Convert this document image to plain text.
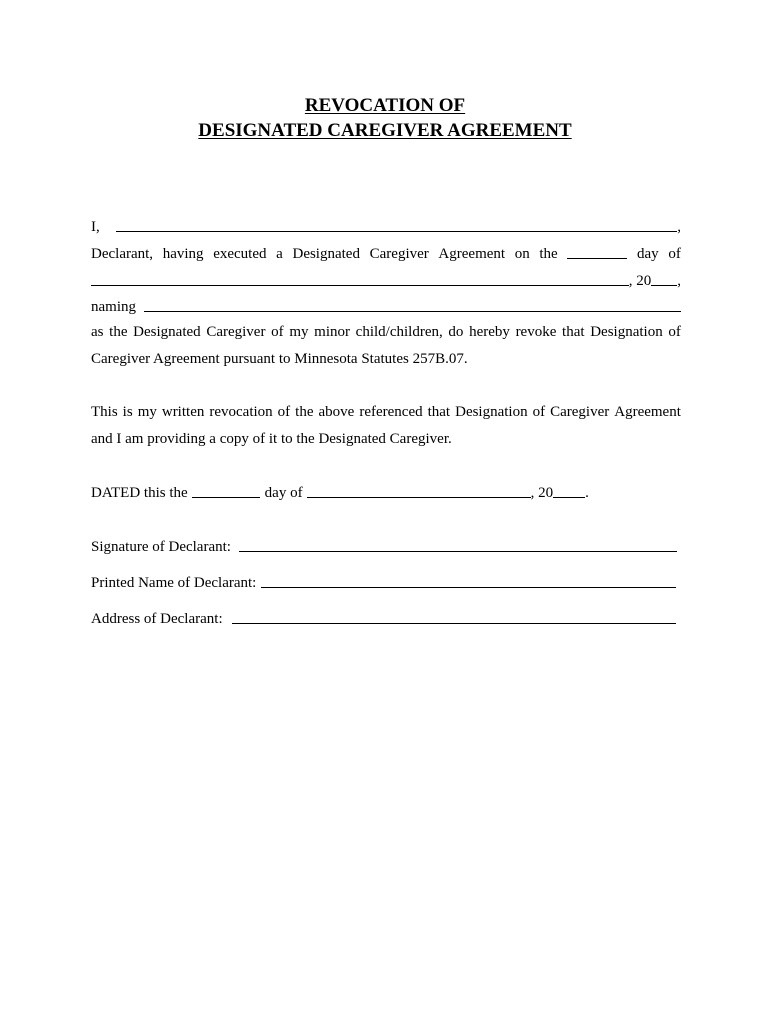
REVOCATION OF
DESIGNATED CAREGIVER AGREEMENT
I,	,
Declarant, having executed a Designated Caregiver Agreement on the	day of
, 20 ,
naming
as the Designated Caregiver of my minor child/children, do hereby revoke that Designation of
Caregiver Agreement pursuant to Minnesota Statutes 257B.07.
This is my written revocation of the above referenced that Designation of Caregiver Agreement
and I am providing a copy of it to the Designated Caregiver.
DATED this the	day of	, 20 .
Signature of Declarant:
Printed Name of Declarant:
Address of Declarant:
